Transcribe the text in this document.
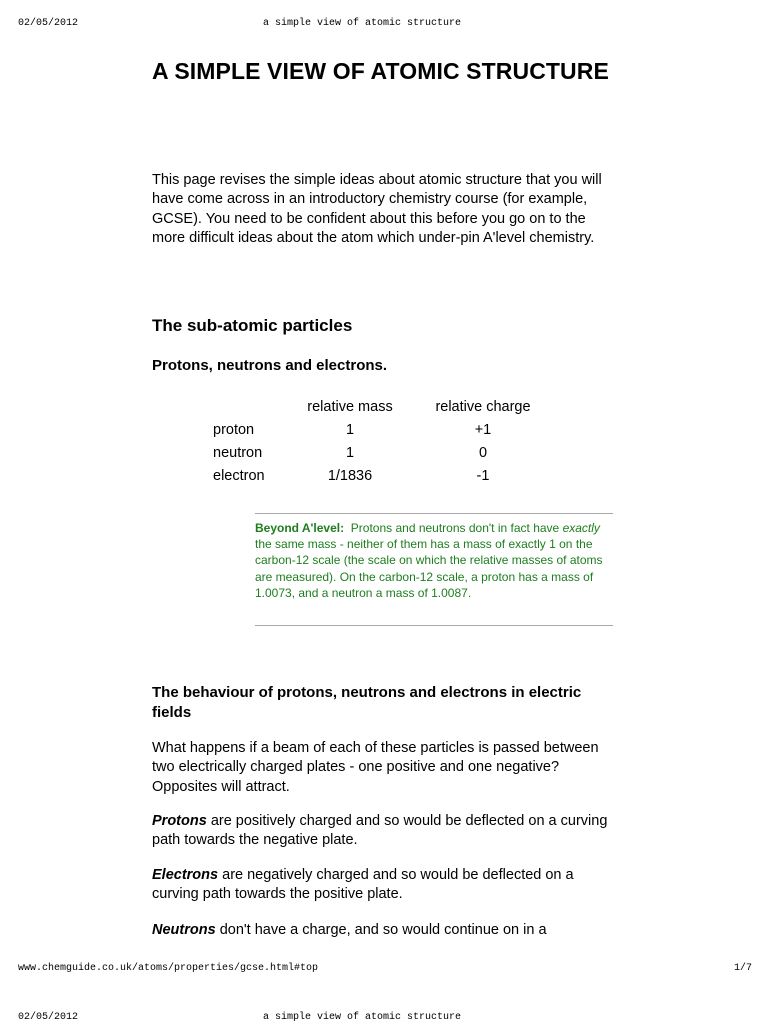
02/05/2012	a simple view of atomic structure
A SIMPLE VIEW OF ATOMIC STRUCTURE

This page revises the simple ideas about atomic structure that you will have come across in an introductory chemistry course (for example, GCSE). You need to be confident about this before you go on to the more difficult ideas about the atom which under-pin A'level chemistry.

The sub-atomic particles
Protons, neutrons and electrons.
	relative mass	relative charge
proton	1	+1
neutron	1	0
electron	1/1836	-1
Beyond A'level: Protons and neutrons don't in fact have exactly the same mass - neither of them has a mass of exactly 1 on the carbon-12 scale (the scale on which the relative masses of atoms are measured). On the carbon-12 scale, a proton has a mass of 1.0073, and a neutron a mass of 1.0087.
The behaviour of protons, neutrons and electrons in electric fields

What happens if a beam of each of these particles is passed between two electrically charged plates - one positive and one negative? Opposites will attract.

Protons are positively charged and so would be deflected on a curving path towards the negative plate.

Electrons are negatively charged and so would be deflected on a curving path towards the positive plate.

Neutrons don't have a charge, and so would continue on in a

www.chemguide.co.uk/atoms/properties/gcse.html#top	1/7
02/05/2012	a simple view of atomic structure
